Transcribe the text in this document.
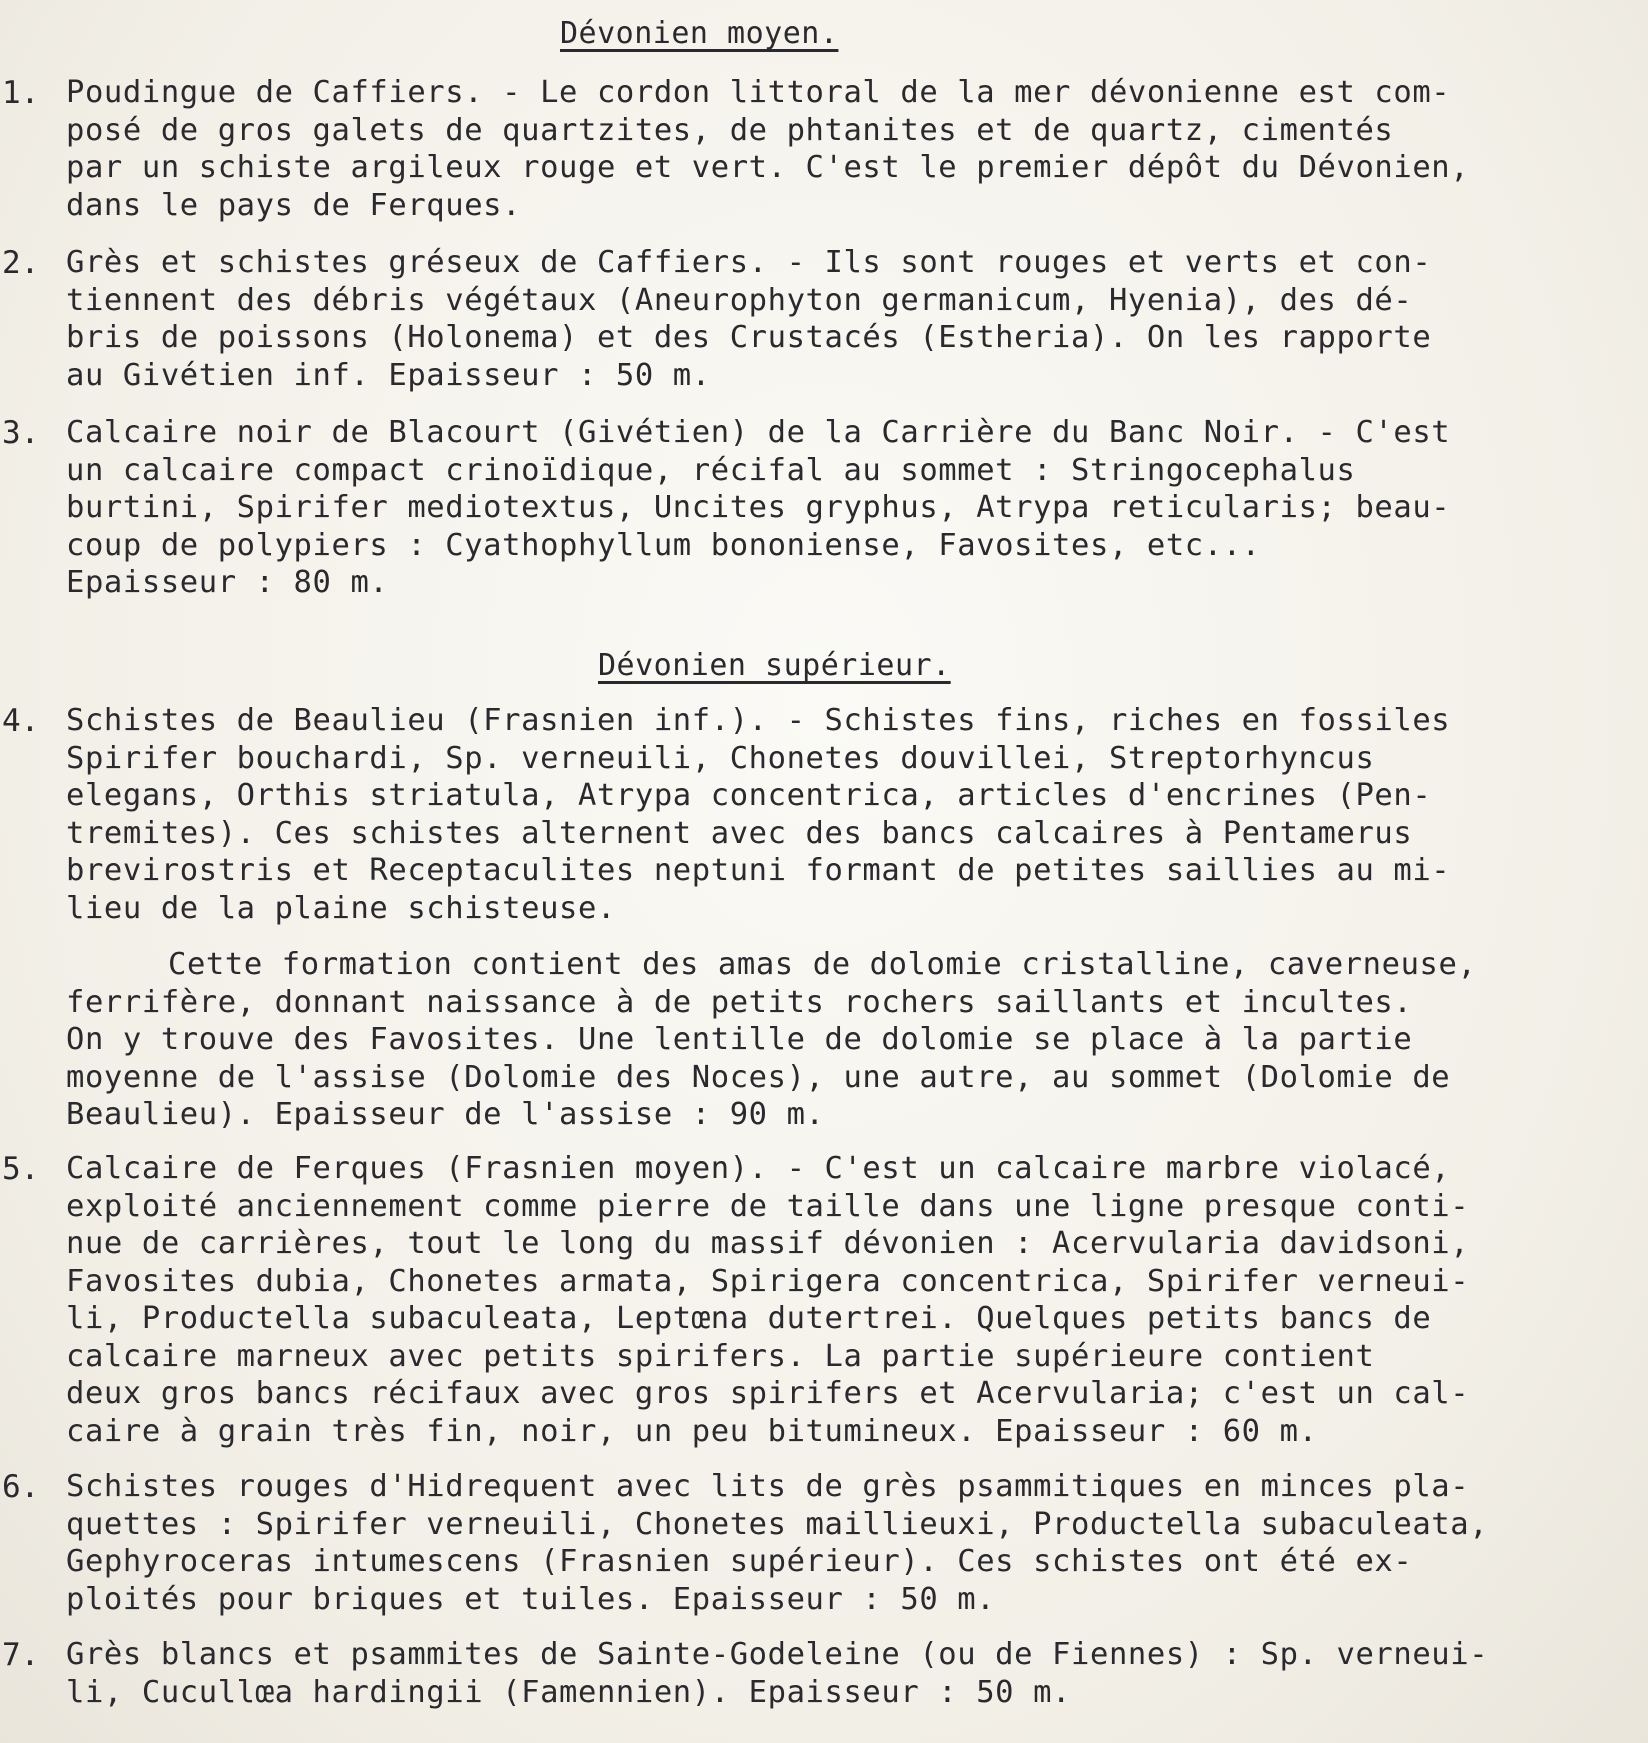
Dévonien moyen.
1. Poudingue de Caffiers. - Le cordon littoral de la mer dévonienne est com-
posé de gros galets de quartzites, de phtanites et de quartz, cimentés
par un schiste argileux rouge et vert. C'est le premier dépôt du Dévonien,
dans le pays de Ferques.

2. Grès et schistes gréseux de Caffiers. - Ils sont rouges et verts et con-
tiennent des débris végétaux (Aneurophyton germanicum, Hyenia), des dé-
bris de poissons (Holonema) et des Crustacés (Estheria). On les rapporte
au Givétien inf. Epaisseur : 50 m.

3. Calcaire noir de Blacourt (Givétien) de la Carrière du Banc Noir. - C'est
un calcaire compact crinoïdique, récifal au sommet : Stringocephalus
burtini, Spirifer mediotextus, Uncites gryphus, Atrypa reticularis; beau-
coup de polypiers : Cyathophyllum bononiense, Favosites, etc...
Epaisseur : 80 m.

Dévonien supérieur.
4. Schistes de Beaulieu (Frasnien inf.). - Schistes fins, riches en fossiles
Spirifer bouchardi, Sp. verneuili, Chonetes douvillei, Streptorhyncus
elegans, Orthis striatula, Atrypa concentrica, articles d'encrines (Pen-
tremites). Ces schistes alternent avec des bancs calcaires à Pentamerus
brevirostris et Receptaculites neptuni formant de petites saillies au mi-
lieu de la plaine schisteuse.

Cette formation contient des amas de dolomie cristalline, caverneuse,
ferrifère, donnant naissance à de petits rochers saillants et incultes.
On y trouve des Favosites. Une lentille de dolomie se place à la partie
moyenne de l'assise (Dolomie des Noces), une autre, au sommet (Dolomie de
Beaulieu). Epaisseur de l'assise : 90 m.

5. Calcaire de Ferques (Frasnien moyen). - C'est un calcaire marbre violacé,
exploité anciennement comme pierre de taille dans une ligne presque conti-
nue de carrières, tout le long du massif dévonien : Acervularia davidsoni,
Favosites dubia, Chonetes armata, Spirigera concentrica, Spirifer verneui-
li, Productella subaculeata, Leptœna dutertrei. Quelques petits bancs de
calcaire marneux avec petits spirifers. La partie supérieure contient
deux gros bancs récifaux avec gros spirifers et Acervularia; c'est un cal-
caire à grain très fin, noir, un peu bitumineux. Epaisseur : 60 m.

6. Schistes rouges d'Hidrequent avec lits de grès psammitiques en minces pla-
quettes : Spirifer verneuili, Chonetes maillieuxi, Productella subaculeata,
Gephyroceras intumescens (Frasnien supérieur). Ces schistes ont été ex-
ploités pour briques et tuiles. Epaisseur : 50 m.

7. Grès blancs et psammites de Sainte-Godeleine (ou de Fiennes) : Sp. verneui-
li, Cucullœa hardingii (Famennien). Epaisseur : 50 m.
